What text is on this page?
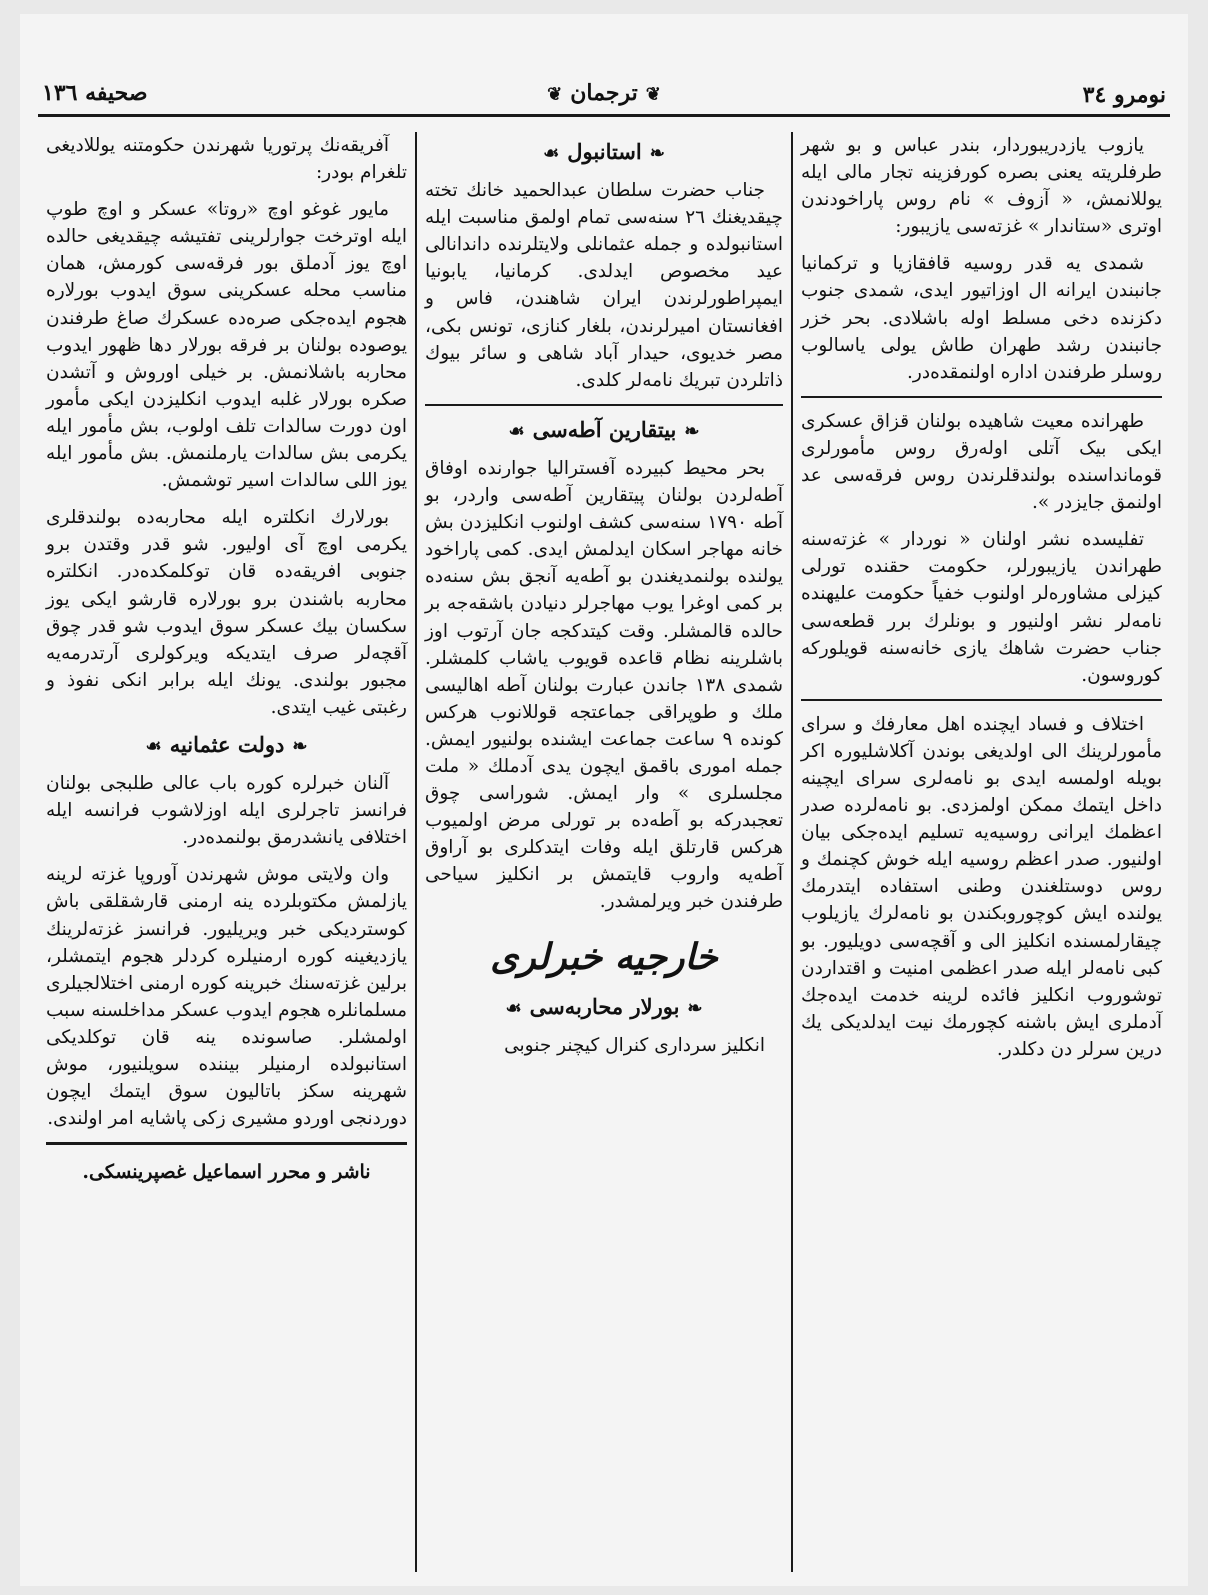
نومرو ٣٤
❦ترجمان❦
صحیفه ١٣٦

یازوب یازدریبوردار، بندر عباس و بو شهر طرفلریته یعنی بصره کورفزینه تجار مالی ایله یوللانمش، « آزوف » نام روس پاراخودندن اوتری «ستاندار » غزته‌سی یازیبور:

شمدی یه قدر روسیه قافقازیا و ترکمانیا جانبندن ایرانه ال اوزاتیور ایدی، شمدی جنوب دکزنده دخی مسلط اوله باشلادی. بحر خزر جانبندن رشد طهران طاش یولی یاسالوب روسلر طرفندن اداره اولنمقده‌در.

طهرانده معیت شاهیده بولنان قزاق عسکری ایکی بیک آتلی اوله‌رق روس مأمورلری قوماندا‌سنده بولندقلرندن روس فرقه‌سی عد اولنمق جایزدر ».

تفلیسده نشر اولنان « نوردار » غزته‌سنه طهراندن یازیبورلر، حکومت حقنده تورلی کیزلی مشاوره‌لر اولنوب خفیاً حکومت علیهنده نامه‌لر نشر اولنیور و بونلرك برر قطعه‌سی جناب حضرت شاهك یازی خانه‌سنه قویلورکه کوروسون.

اختلاف و فساد ایچنده اهل معارفك و سرای مأمورلرینك الی اولدیغی بوندن آکلاشلیوره اکر بو‌یله اولمسه ایدی بو نامه‌لری سرای ایچینه داخل ایتمك ممکن اولمزدی. بو نامه‌لرده صدر اعظمك ایرانی روسیه‌یه تسلیم ایده‌جکی بیان اولنیور. صدر اعظم روسیه ایله خوش کچنمك و روس دوستلغندن وطنی استفاده ایتدرمك یولنده ایش کوچوروبکندن بو نامه‌لرك یازیلوب چیقارلمسنده انکلیز الی و آقچه‌سی دویلیور. بو کبی نامه‌لر ایله صدر اعظمی امنیت و اقتداردن توشوروب انکلیز فائده لرینه خدمت ایده‌جك آدملری ایش باشنه کچورمك نیت ایدلدیکی یك درین سرلر دن دکلدر.

❧استانبول☙

جناب حضرت سلطان عبدالحمید خانك تخته چیقدیغنك ٢٦ سنه‌سی تمام اولمق مناسبت ایله استانبولده و جمله عثمانلی ولایتلرنده داندانالی عید مخصوص ایدلدی. کرمانیا، یابونیا ایمپراطورلرندن ایران شاهندن، فاس و افغانستان امیرلرندن، بلغار کنازی، تونس بکی، مصر خدیوی، حیدار آباد شاهی و سائر بیوك ذاتلردن تبریك نامه‌لر کلدی.

❧بیتقارین آطه‌سی☙

بحر محیط کبیرده آفستر‌الیا جوارنده اوفاق آطه‌لردن بولنان پیتقارین آطه‌سی واردر، بو آطه ١٧٩٠ سنه‌سی کشف اولنوب انکلیزدن بش خانه مهاجر اسکان ایدلمش ایدی. کمی پاراخود یولنده بولنمدیغندن بو آطه‌یه آنجق بش سنه‌ده بر کمی اوغرا یوب مهاجرلر دنیادن باشقه‌جه بر حالده قالمشلر. وقت کیتدکجه جان آرتوب اوز باشلرینه نظام قاعده قویوب یاشاب کلمشلر. شمدی ١٣٨ جاندن عبارت بولنان آطه اهالیسی ملك و طوپراقی جماعتجه قوللانوب هرکس کونده ٩ ساعت جماعت ایشنده بولنیور ایمش. جمله اموری باقمق ایچون یدی آدملك « ملت مجلسلری » وار ایمش. شوراسی چوق تعجبدرکه بو آطه‌ده بر تورلی مرض اولمیوب هرکس قارتلق ایله وفات ایتدکلری بو آراوق آطه‌یه واروب قایتمش بر انکلیز سیاحی طرفندن خبر ویرلمشدر.

خارجیه خبرلری
❧بورلار محاربه‌سی☙

انکلیز سرداری کنرال کیچنر جنوبی

آفریقه‌نك پرتوریا شهرندن حکومتنه یوللادیغی تلغرام بودر:

مایور غوغو اوچ «روتا» عسکر و اوچ طوپ ایله اوترخت جوارلرینی تفتیشه چیقدیغی حالده اوچ یوز آدملق بور فرقه‌سی کورمش، همان مناسب محله عسکرینی سوق ایدوب بورلاره هجوم ایده‌جکی صره‌ده عسکرك صاغ طرفندن یوصوده بولنان بر فرقه بورلار دها ظهور ایدوب محاربه باشلانمش. بر خیلی اوروش و آتشدن صکره بورلار غلبه ایدوب انکلیزدن ایکی مأمور اون دورت سالدات تلف اولوب، بش مأمور ایله یکرمی بش سالدات یارملنمش. بش مأمور ایله یوز اللی سالدات اسیر توشمش.

بورلارك انکلتره ایله محاربه‌ده بولندقلری یکرمی اوچ آی اولیور. شو قدر وقتدن برو جنوبی افریقه‌ده قان توکلمکده‌در. انکلتره محاربه باشندن برو بورلاره قارشو ایکی یوز سکسان بیك عسکر سوق ایدوب شو قدر چوق آقچه‌لر صرف ایتدیکه ویرکولری آرتدرمه‌یه مجبور بولندی. یونك ایله برابر انکی نفوذ و رغبتی غیب ایتدی.

❧دولت عثمانیه☙

آلنان خبرلره کوره باب عالی طلبجی بولنان فرانسز تاجرلری ایله اوزلاشوب فرانسه ایله اختلافی یانشدرمق بولنمده‌در.

وان ولایتی موش شهرندن آوروپا غزته لرینه یازلمش مکتوبلرده ینه ارمنی قارشقلقی باش کوستردیکی خبر ویریلیور. فرانسز غزته‌لرینك یازدیغینه کوره ارمنیلره کردلر هجوم ایتمشلر، برلین غزته‌سنك خبرینه کوره ارمنی اختلالجیلری مسلمانلره هجوم ایدوب عسکر مداخلسنه سبب اولمشلر. صاسونده ینه قان توکلدیکی استانبولده ارمنیلر بیننده سویلنیور، موش شهرینه سکز باتالیون سوق ایتمك ایچون دوردنجی اوردو مشیری زکی پاشایه امر اولندی.

ناشر و محرر اسماعیل غصپرینسکی.
